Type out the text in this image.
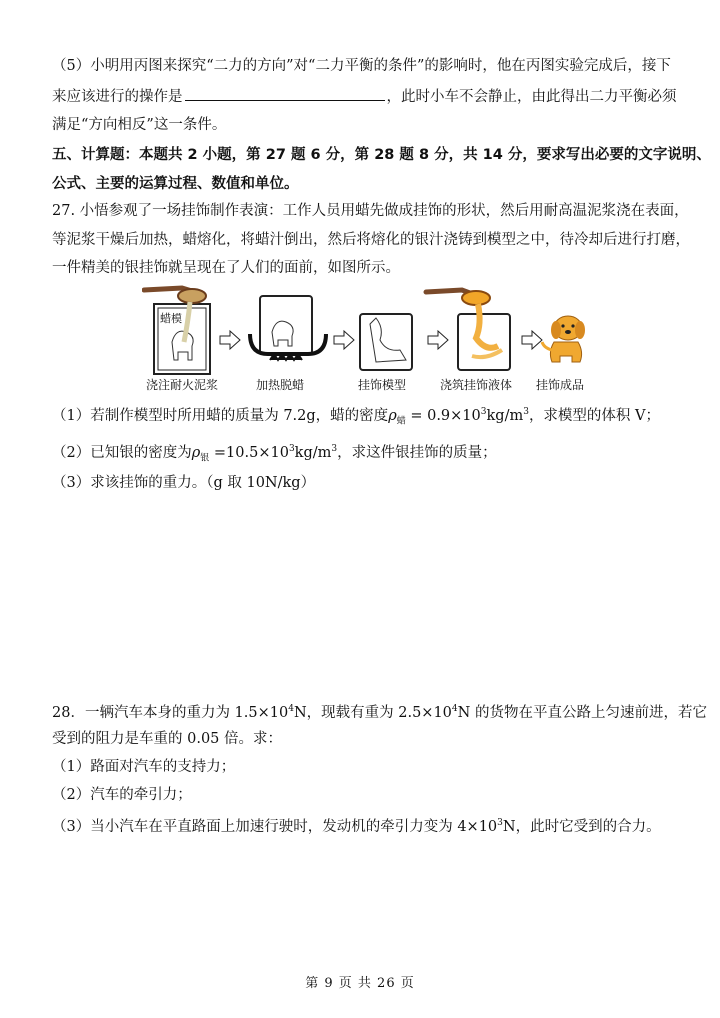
（5）小明用丙图来探究“二力的方向”对“二力平衡的条件”的影响时，他在丙图实验完成后，接下
来应该进行的操作是	，此时小车不会静止，由此得出二力平衡必须
满足“方向相反”这一条件。
五、计算题：本题共 2 小题，第 27 题 6 分，第 28 题 8 分，共 14 分，要求写出必要的文字说明、
公式、主要的运算过程、数值和单位。
27. 小悟参观了一场挂饰制作表演：工作人员用蜡先做成挂饰的形状，然后用耐高温泥浆浇在表面，
等泥浆干燥后加热，蜡熔化，将蜡汁倒出，然后将熔化的银汁浇铸到模型之中，待冷却后进行打磨，
一件精美的银挂饰就呈现在了人们的面前，如图所示。
蜡模
浇注耐火泥浆	加热脱蜡	挂饰模型	浇筑挂饰液体 挂饰成品
（1）若制作模型时所用蜡的质量为 7.2g，蜡的密度$\rho_蜡 = 0.9\times 10^3kg/m^3$，求模型的体积 V；
（2）已知银的密度为$\rho_银 =10.5\times 10^3kg/m^3$，求这件银挂饰的质量；
（3）求该挂饰的重力。（g 取 10N/kg）
28．一辆汽车本身的重力为 $1.5\times 10^4N$，现载有重为 $2.5\times 10^4N$ 的货物在平直公路上匀速前进，若它
受到的阻力是车重的 0.05 倍。求：
（1）路面对汽车的支持力；
（2）汽车的牵引力；
（3）当小汽车在平直路面上加速行驶时，发动机的牵引力变为 $4\times 10^3N$，此时它受到的合力。
第 9 页 共 26 页
